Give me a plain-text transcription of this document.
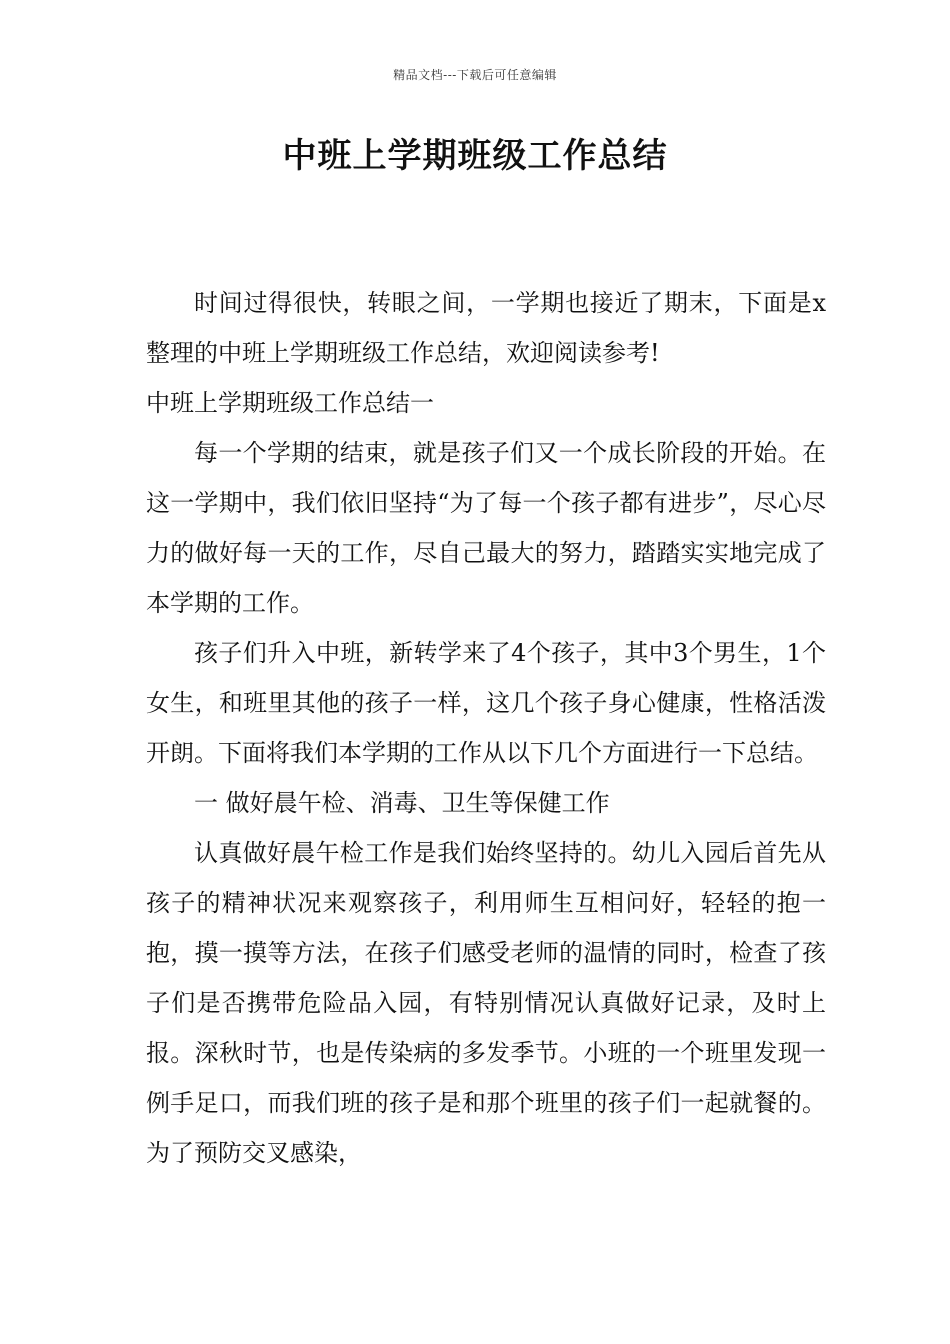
精品文档---下载后可任意编辑
中班上学期班级工作总结

时间过得很快，转眼之间，一学期也接近了期末，下面是x整理的中班上学期班级工作总结，欢迎阅读参考!

中班上学期班级工作总结一

每一个学期的结束，就是孩子们又一个成长阶段的开始。在这一学期中，我们依旧坚持“为了每一个孩子都有进步”，尽心尽力的做好每一天的工作，尽自己最大的努力，踏踏实实地完成了本学期的工作。

孩子们升入中班，新转学来了4个孩子，其中3个男生，1个女生，和班里其他的孩子一样，这几个孩子身心健康，性格活泼开朗。下面将我们本学期的工作从以下几个方面进行一下总结。

一 做好晨午检、消毒、卫生等保健工作

认真做好晨午检工作是我们始终坚持的。幼儿入园后首先从孩子的精神状况来观察孩子，利用师生互相问好，轻轻的抱一抱，摸一摸等方法，在孩子们感受老师的温情的同时，检查了孩子们是否携带危险品入园，有特别情况认真做好记录，及时上报。深秋时节，也是传染病的多发季节。小班的一个班里发现一例手足口，而我们班的孩子是和那个班里的孩子们一起就餐的。为了预防交叉感染，
